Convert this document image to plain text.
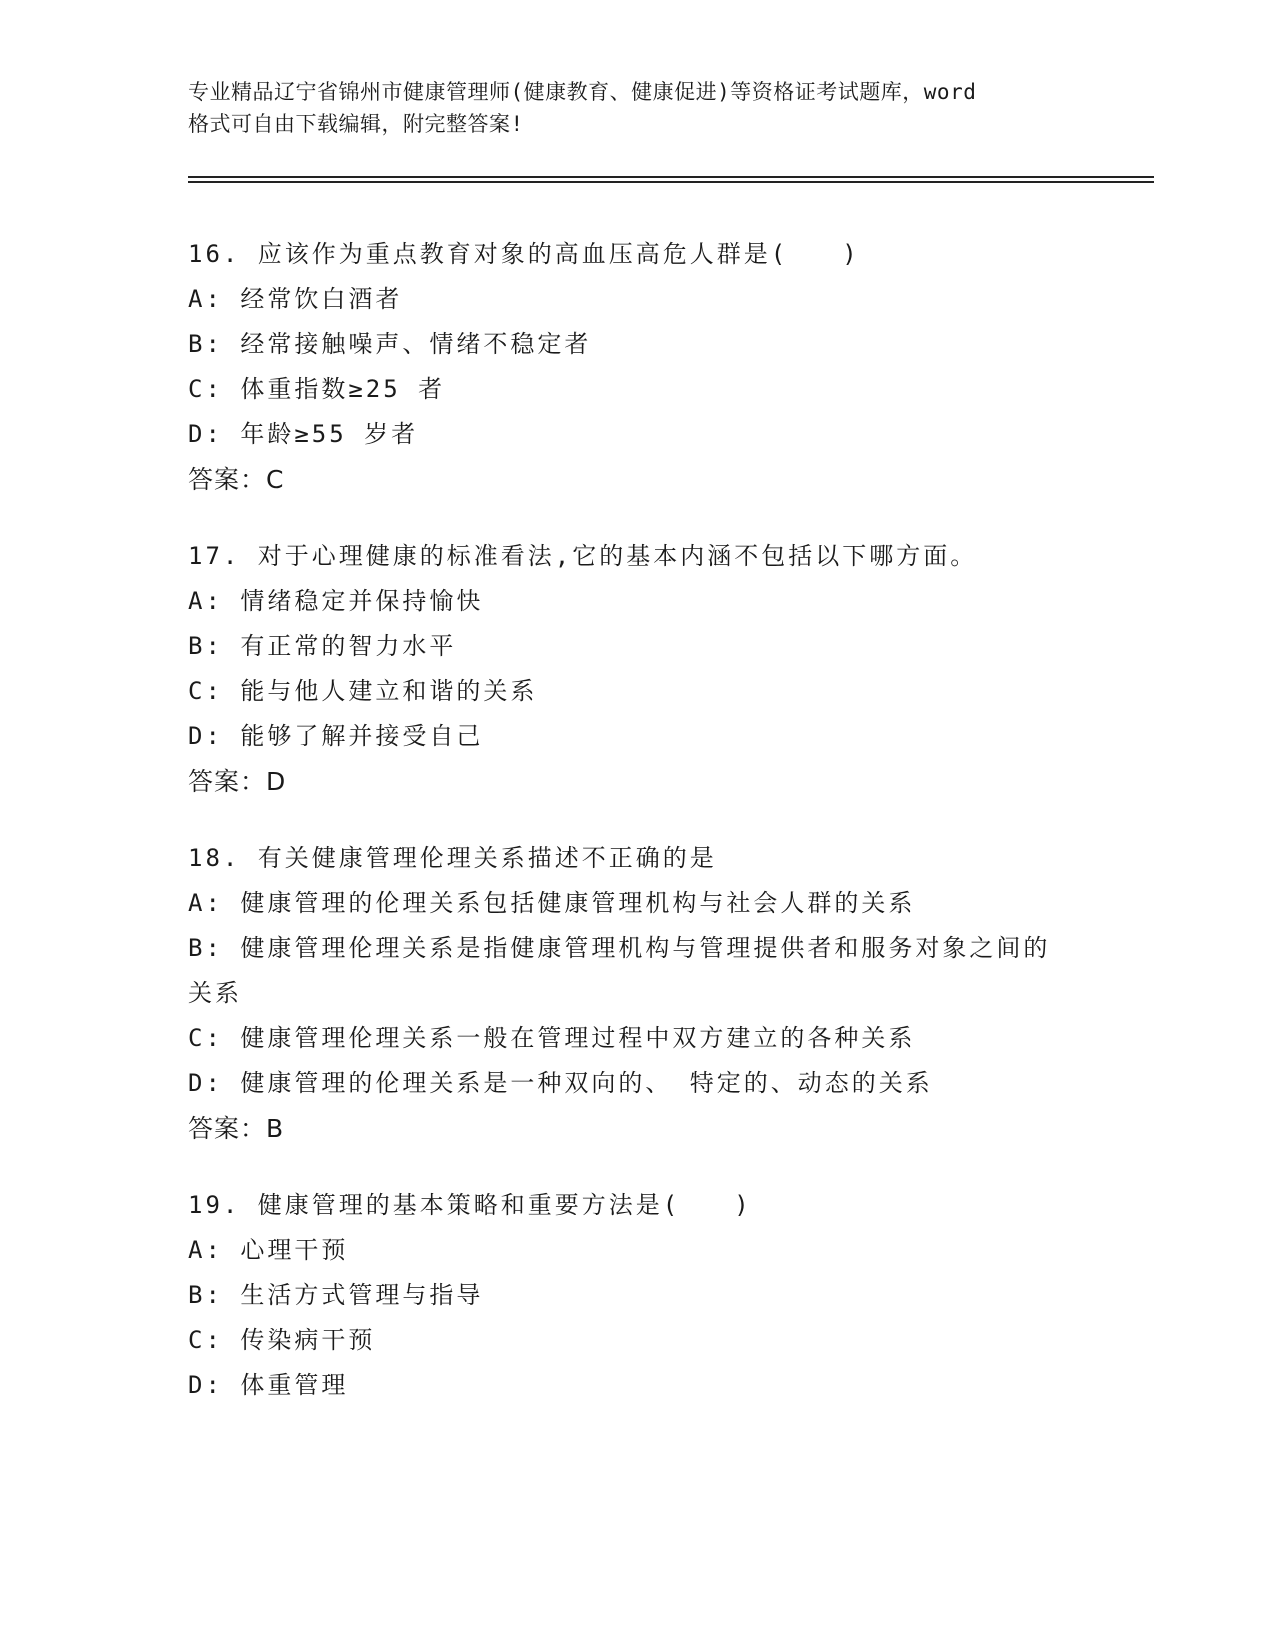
专业精品辽宁省锦州市健康管理师(健康教育、健康促进)等资格证考试题库，word
格式可自由下载编辑，附完整答案!
16. 应该作为重点教育对象的高血压高危人群是(　　)
A: 经常饮白酒者
B: 经常接触噪声、情绪不稳定者
C: 体重指数≥25 者
D: 年龄≥55 岁者
答案：C
17. 对于心理健康的标准看法,它的基本内涵不包括以下哪方面。
A: 情绪稳定并保持愉快
B: 有正常的智力水平
C: 能与他人建立和谐的关系
D: 能够了解并接受自己
答案：D
18. 有关健康管理伦理关系描述不正确的是
A: 健康管理的伦理关系包括健康管理机构与社会人群的关系
B: 健康管理伦理关系是指健康管理机构与管理提供者和服务对象之间的关系
C: 健康管理伦理关系一般在管理过程中双方建立的各种关系
D: 健康管理的伦理关系是一种双向的、 特定的、动态的关系
答案：B
19. 健康管理的基本策略和重要方法是(　　)
A: 心理干预
B: 生活方式管理与指导
C: 传染病干预
D: 体重管理
